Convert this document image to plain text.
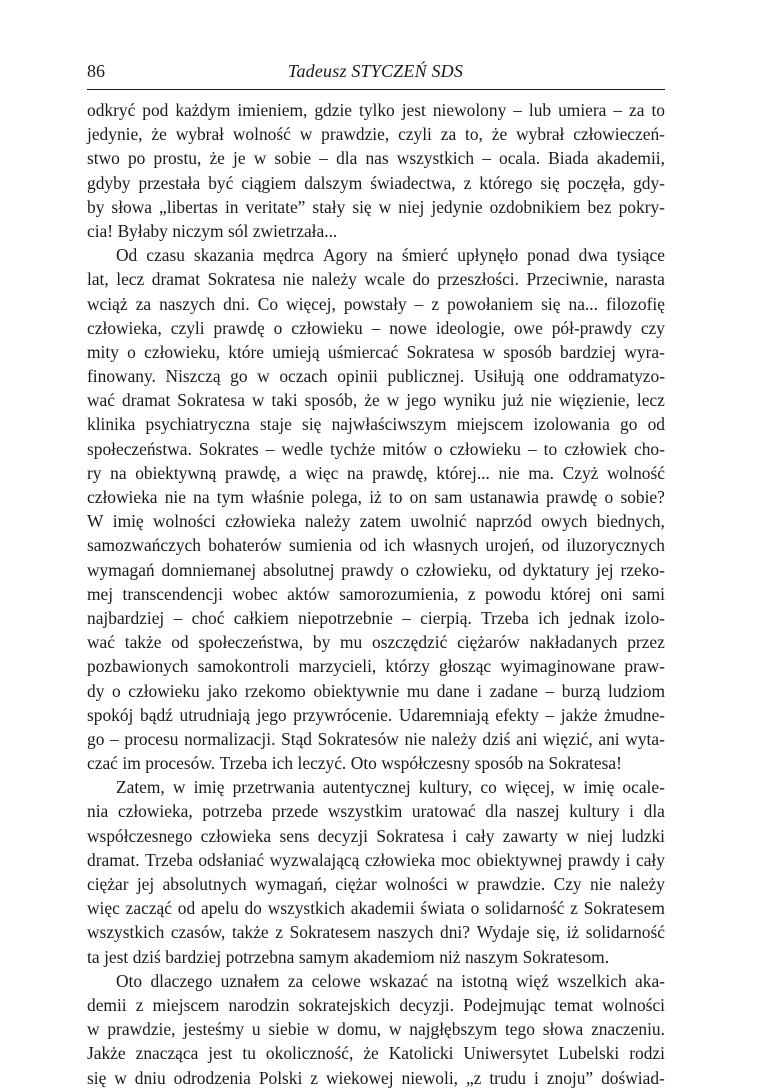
86	Tadeusz STYCZEŃ SDS
odkryć pod każdym imieniem, gdzie tylko jest niewolony – lub umiera – za to
jedynie, że wybrał wolność w prawdzie, czyli za to, że wybrał człowieczeń-
stwo po prostu, że je w sobie – dla nas wszystkich – ocala. Biada akademii,
gdyby przestała być ciągiem dalszym świadectwa, z którego się poczęła, gdy-
by słowa „libertas in veritate” stały się w niej jedynie ozdobnikiem bez pokry-
cia! Byłaby niczym sól zwietrzała...
Od czasu skazania mędrca Agory na śmierć upłynęło ponad dwa tysiące
lat, lecz dramat Sokratesa nie należy wcale do przeszłości. Przeciwnie, narasta
wciąż za naszych dni. Co więcej, powstały – z powołaniem się na... filozofię
człowieka, czyli prawdę o człowieku – nowe ideologie, owe pół-prawdy czy
mity o człowieku, które umieją uśmiercać Sokratesa w sposób bardziej wyra-
finowany. Niszczą go w oczach opinii publicznej. Usiłują one oddramatyzo-
wać dramat Sokratesa w taki sposób, że w jego wyniku już nie więzienie, lecz
klinika psychiatryczna staje się najwłaściwszym miejscem izolowania go od
społeczeństwa. Sokrates – wedle tychże mitów o człowieku – to człowiek cho-
ry na obiektywną prawdę, a więc na prawdę, której... nie ma. Czyż wolność
człowieka nie na tym właśnie polega, iż to on sam ustanawia prawdę o sobie?
W imię wolności człowieka należy zatem uwolnić naprzód owych biednych,
samozwańczych bohaterów sumienia od ich własnych urojeń, od iluzorycznych
wymagań domniemanej absolutnej prawdy o człowieku, od dyktatury jej rzeko-
mej transcendencji wobec aktów samorozumienia, z powodu której oni sami
najbardziej – choć całkiem niepotrzebnie – cierpią. Trzeba ich jednak izolo-
wać także od społeczeństwa, by mu oszczędzić ciężarów nakładanych przez
pozbawionych samokontroli marzycieli, którzy głosząc wyimaginowane praw-
dy o człowieku jako rzekomo obiektywnie mu dane i zadane – burzą ludziom
spokój bądź utrudniają jego przywrócenie. Udaremniają efekty – jakże żmudne-
go – procesu normalizacji. Stąd Sokratesów nie należy dziś ani więzić, ani wyta-
czać im procesów. Trzeba ich leczyć. Oto współczesny sposób na Sokratesa!
Zatem, w imię przetrwania autentycznej kultury, co więcej, w imię ocale-
nia człowieka, potrzeba przede wszystkim uratować dla naszej kultury i dla
współczesnego człowieka sens decyzji Sokratesa i cały zawarty w niej ludzki
dramat. Trzeba odsłaniać wyzwalającą człowieka moc obiektywnej prawdy i cały
ciężar jej absolutnych wymagań, ciężar wolności w prawdzie. Czy nie należy
więc zacząć od apelu do wszystkich akademii świata o solidarność z Sokratesem
wszystkich czasów, także z Sokratesem naszych dni? Wydaje się, iż solidarność
ta jest dziś bardziej potrzebna samym akademiom niż naszym Sokratesom.
Oto dlaczego uznałem za celowe wskazać na istotną więź wszelkich aka-
demii z miejscem narodzin sokratejskich decyzji. Podejmując temat wolności
w prawdzie, jesteśmy u siebie w domu, w najgłębszym tego słowa znaczeniu.
Jakże znacząca jest tu okoliczność, że Katolicki Uniwersytet Lubelski rodzi
się w dniu odrodzenia Polski z wiekowej niewoli, „z trudu i znoju” doświad-
